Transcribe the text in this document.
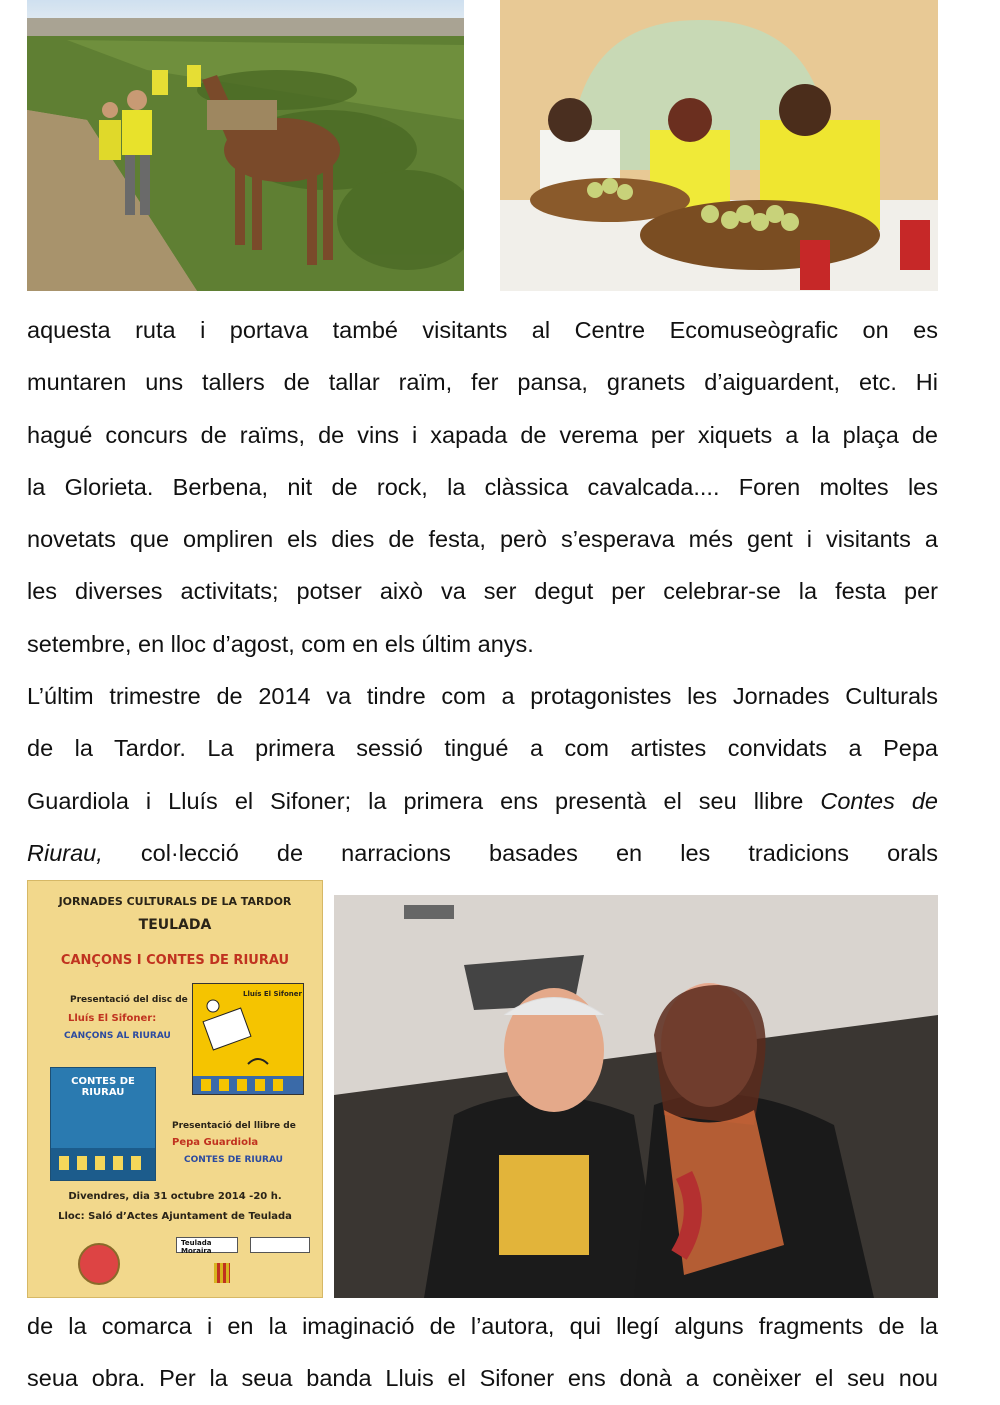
aquesta ruta i portava també visitants al Centre Ecomuseògrafic on es
muntaren uns tallers de tallar raïm, fer pansa, granets d’aiguardent, etc. Hi
hagué concurs de raïms, de vins i xapada de verema per xiquets a la plaça de
la Glorieta. Berbena, nit de rock, la clàssica cavalcada.... Foren moltes les
novetats que ompliren els dies de festa, però s’esperava més gent i visitants a
les diverses activitats; potser això va ser degut per celebrar-se la festa per
setembre, en lloc d’agost, com en els últim anys.
L’últim trimestre de 2014 va tindre com a protagonistes les Jornades Culturals
de la Tardor. La primera sessió tingué a com artistes convidats a Pepa
Guardiola i Lluís el Sifoner; la primera ens presentà el seu llibre Contes de
Riurau, col·lecció de narracions basades en les tradicions orals
JORNADES CULTURALS DE LA TARDOR
TEULADA
CANÇONS I CONTES DE RIURAU
Presentació del disc de
Lluís El Sifoner:
CANÇONS AL RIURAU
Lluís El Sifoner
CONTES DE RIURAU
Presentació del llibre de
Pepa Guardiola
CONTES DE RIURAU
Divendres, dia 31 octubre 2014 -20 h.
Lloc: Saló d’Actes Ajuntament de Teulada
Teulada Moraira
de la comarca i en la imaginació de l’autora, qui llegí alguns fragments de la
seua obra. Per la seua banda Lluis el Sifoner ens donà a conèixer el seu nou
